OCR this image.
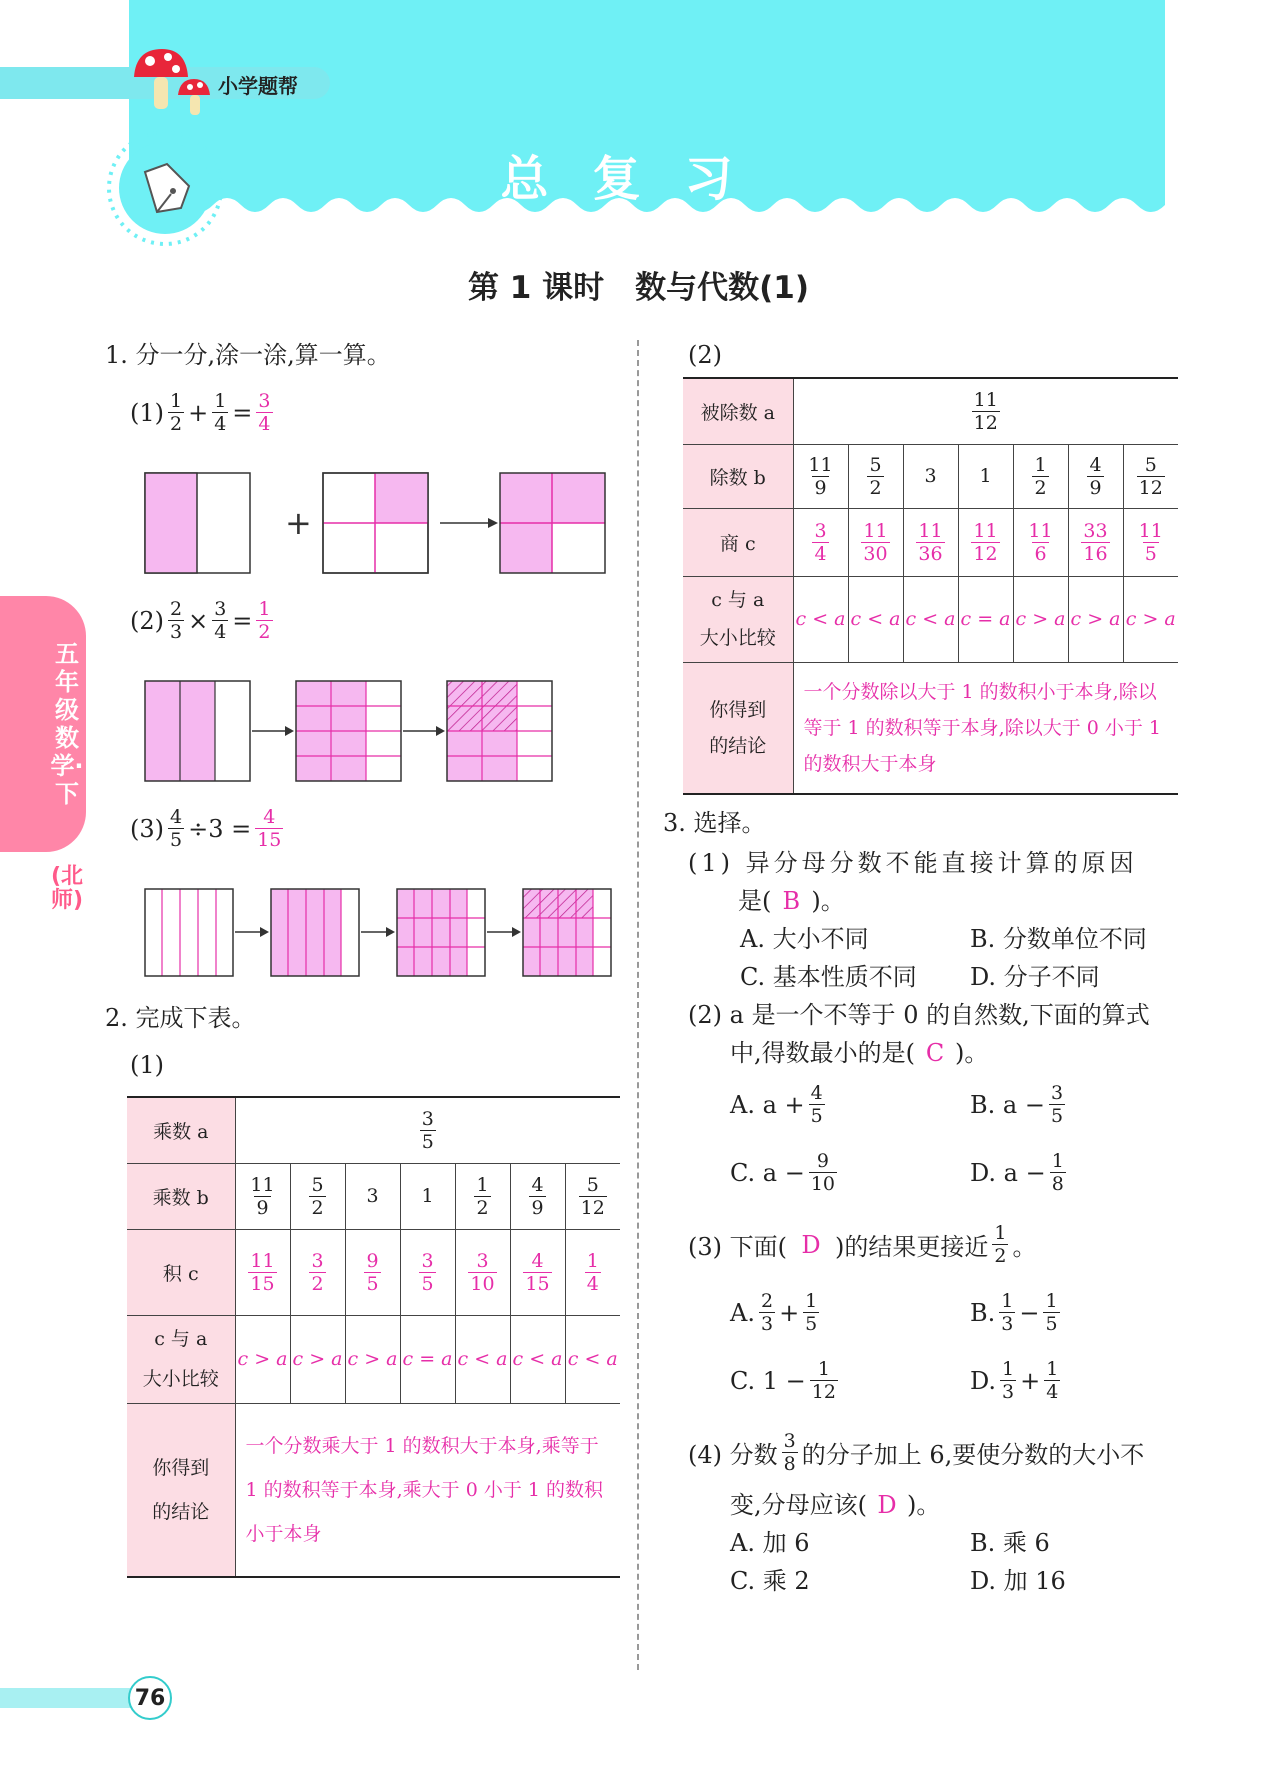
小学题帮
总复习
第 1 课时　数与代数(1)
五年级数学·下
(北师)
1. 分一分,涂一涂,算一算。
$(1) \frac{1}{2} + \frac{1}{4} = \frac{3}{4}$
+
$(2) \frac{2}{3} \times \frac{3}{4} = \frac{1}{2}$
$(3) \frac{4}{5} \div 3 = \frac{4}{15}$
2. 完成下表。
(1)
乘数 a	$\frac{3}{5}$

乘数 b	$\frac{11}{9}$	$\frac{5}{2}$	3	1	$\frac{1}{2}$	$\frac{4}{9}$	$\frac{5}{12}$

积 c	$\frac{11}{15}$	$\frac{3}{2}$	$\frac{9}{5}$	$\frac{3}{5}$	$\frac{3}{10}$	$\frac{4}{15}$	$\frac{1}{4}$

c 与 a
大小比较	c > a	c > a	c > a	c = a	c < a	c < a	c < a
你得到
的结论	一个分数乘大于 1 的数积大于本身,乘等于 1 的数积等于本身,乘大于 0 小于 1 的数积小于本身						
(2)
被除数 a	$\frac{11}{12}$

除数 b	$\frac{11}{9}$	$\frac{5}{2}$	3	1	$\frac{1}{2}$	$\frac{4}{9}$	$\frac{5}{12}$

商 c	$\frac{3}{4}$	$\frac{11}{30}$	$\frac{11}{36}$	$\frac{11}{12}$	$\frac{11}{6}$	$\frac{33}{16}$	$\frac{11}{5}$

c 与 a
大小比较	c < a	c < a	c < a	c = a	c > a	c > a	c > a
你得到
的结论	一个分数除以大于 1 的数积小于本身,除以等于 1 的数积等于本身,除以大于 0 小于 1 的数积大于本身						
3. 选择。
(1) 异分母分数不能直接计算的原因
是( B )。
A. 大小不同	B. 分数单位不同
C. 基本性质不同 D. 分子不同
(2) a 是一个不等于 0 的自然数,下面的算式
中,得数最小的是( C )。
A. $a + \frac{4}{5}$	B. $a - \frac{3}{5}$
C. $a - \frac{9}{10}$	D. $a - \frac{1}{8}$
(3) 下面( D )的结果更接近 $\frac{1}{2}$ 。
A. $\frac{2}{3} + \frac{1}{5}$	B. $\frac{1}{3} - \frac{1}{5}$
C. $1 - \frac{1}{12}$	D. $\frac{1}{3} + \frac{1}{4}$
(4) 分数 $\frac{3}{8}$ 的分子加上 6,要使分数的大小不
变,分母应该( D )。
A. 加 6	B. 乘 6
C. 乘 2	D. 加 16
76
